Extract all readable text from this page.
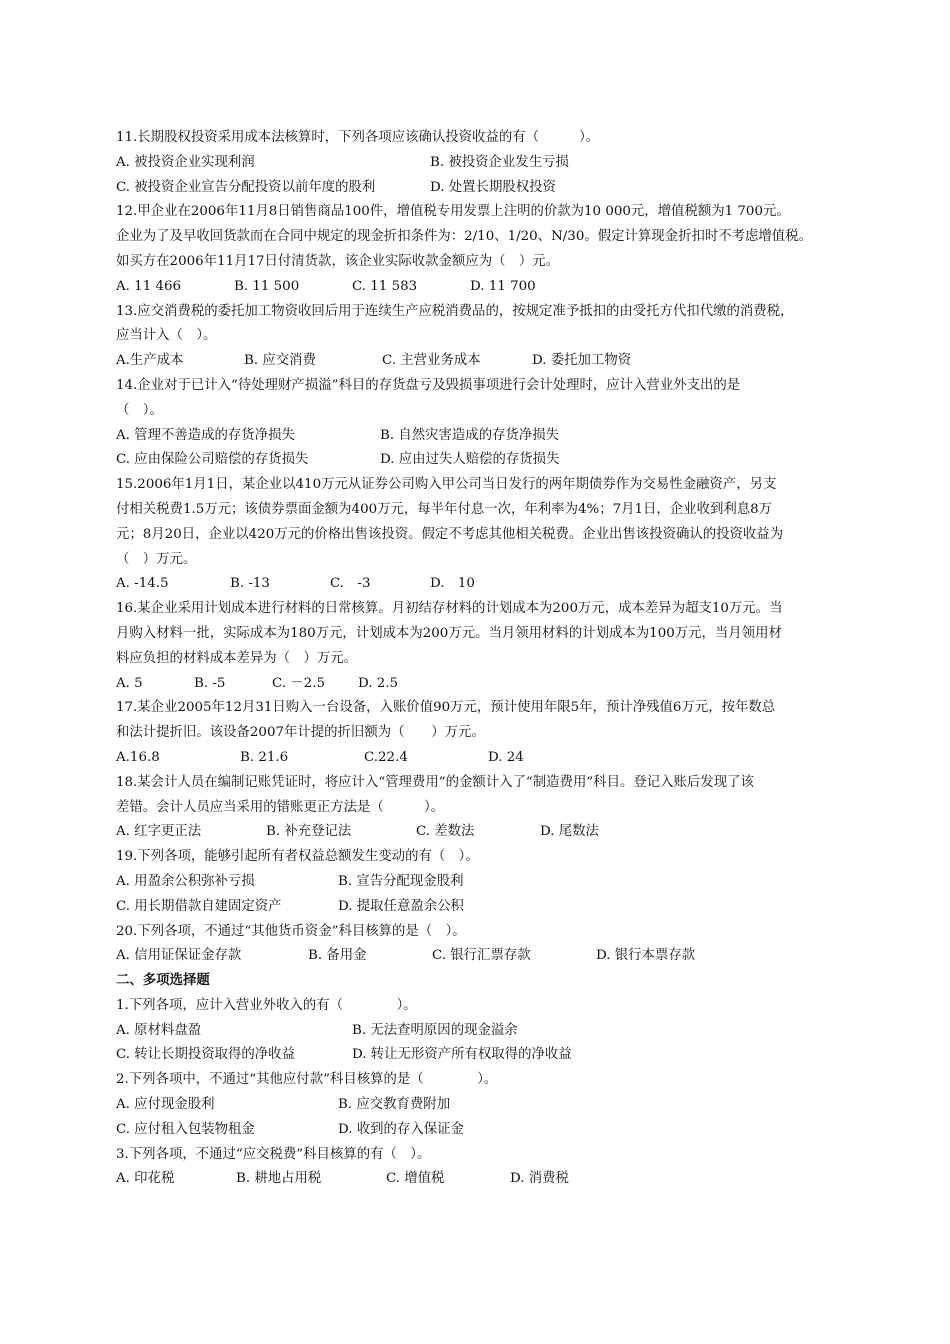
11.长期股权投资采用成本法核算时，下列各项应该确认投资收益的有（　　　）。
A. 被投资企业实现利润	B. 被投资企业发生亏损
C. 被投资企业宣告分配投资以前年度的股利	D. 处置长期股权投资
12.甲企业在2006年11月8日销售商品100件，增值税专用发票上注明的价款为10 000元，增值税额为1 700元。
企业为了及早收回货款而在合同中规定的现金折扣条件为：2/10、1/20、N/30。假定计算现金折扣时不考虑增值税。
如买方在2006年11月17日付清货款，该企业实际收款金额应为（　）元。
A. 11 466	B. 11 500	C. 11 583	D. 11 700
13.应交消费税的委托加工物资收回后用于连续生产应税消费品的，按规定准予抵扣的由受托方代扣代缴的消费税，
应当计入（　）。
A.生产成本	B. 应交消费	C. 主营业务成本	D. 委托加工物资
14.企业对于已计入“待处理财产损溢”科目的存货盘亏及毁损事项进行会计处理时，应计入营业外支出的是
（　）。
A. 管理不善造成的存货净损失	B. 自然灾害造成的存货净损失
C. 应由保险公司赔偿的存货损失	D. 应由过失人赔偿的存货损失
15.2006年1月1日，某企业以410万元从证券公司购入甲公司当日发行的两年期债券作为交易性金融资产，另支
付相关税费1.5万元；该债券票面金额为400万元，每半年付息一次，年利率为4%；7月1日，企业收到利息8万
元；8月20日，企业以420万元的价格出售该投资。假定不考虑其他相关税费。企业出售该投资确认的投资收益为
（　）万元。
A. -14.5	B. -13	C.　-3	D.　10
16.某企业采用计划成本进行材料的日常核算。月初结存材料的计划成本为200万元，成本差异为超支10万元。当
月购入材料一批，实际成本为180万元，计划成本为200万元。当月领用材料的计划成本为100万元，当月领用材
料应负担的材料成本差异为（　）万元。
A. 5	B. -5	C. －2.5	D. 2.5
17.某企业2005年12月31日购入一台设备，入账价值90万元，预计使用年限5年，预计净残值6万元，按年数总
和法计提折旧。该设备2007年计提的折旧额为（　　）万元。
A.16.8	B. 21.6	C.22.4	D. 24
18.某会计人员在编制记账凭证时，将应计入“管理费用”的金额计入了“制造费用”科目。登记入账后发现了该
差错。会计人员应当采用的错账更正方法是（　　　）。
A. 红字更正法	B. 补充登记法	C. 差数法	D. 尾数法
19.下列各项，能够引起所有者权益总额发生变动的有（　）。
A. 用盈余公积弥补亏损	B. 宣告分配现金股利
C. 用长期借款自建固定资产	D. 提取任意盈余公积
20.下列各项，不通过“其他货币资金”科目核算的是（　）。
A. 信用证保证金存款	B. 备用金	C. 银行汇票存款	D. 银行本票存款
二、多项选择题
1.下列各项，应计入营业外收入的有（　　　　）。
A. 原材料盘盈	B. 无法查明原因的现金溢余
C. 转让长期投资取得的净收益	D. 转让无形资产所有权取得的净收益
2.下列各项中，不通过“其他应付款”科目核算的是（　　　　）。
A. 应付现金股利	B. 应交教育费附加
C. 应付租入包装物租金	D. 收到的存入保证金
3.下列各项，不通过“应交税费”科目核算的有（　）。
A. 印花税	B. 耕地占用税	C. 增值税	D. 消费税
